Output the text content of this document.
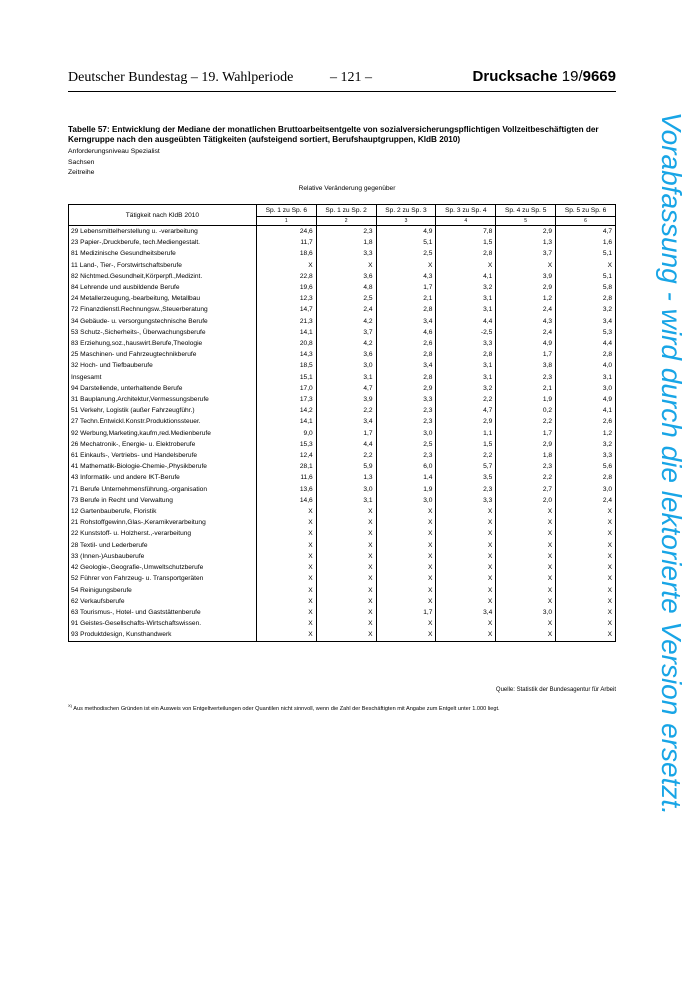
Deutscher Bundestag – 19. Wahlperiode	– 121 –	Drucksache 19/9669
Tabelle 57: Entwicklung der Mediane der monatlichen Bruttoarbeitsentgelte von sozialversicherungspflichtigen Vollzeitbeschäftigten der Kerngruppe nach den ausgeübten Tätigkeiten (aufsteigend sortiert, Berufshauptgruppen, KldB 2010)
Anforderungsniveau Spezialist
Sachsen
Zeitreihe
Relative Veränderung gegenüber
Tätigkeit nach KldB 2010	Sp. 1 zu Sp. 6	Sp. 1 zu Sp. 2	Sp. 2 zu Sp. 3	Sp. 3 zu Sp. 4	Sp. 4 zu Sp. 5	Sp. 5 zu Sp. 6
	1	2	3	4	5	6
29 Lebensmittelherstellung u. -verarbeitung	24,6	2,3	4,9	7,8	2,9	4,7
23 Papier-,Druckberufe, tech.Mediengestalt.	11,7	1,8	5,1	1,5	1,3	1,6
81 Medizinische Gesundheitsberufe	18,6	3,3	2,5	2,8	3,7	5,1
11 Land-, Tier-, Forstwirtschaftsberufe	X	X	X	X	X	X
82 Nichtmed.Gesundheit,Körperpfl.,Medizint.	22,8	3,6	4,3	4,1	3,9	5,1
84 Lehrende und ausbildende Berufe	19,6	4,8	1,7	3,2	2,9	5,8
24 Metallerzeugung,-bearbeitung, Metallbau	12,3	2,5	2,1	3,1	1,2	2,8
72 Finanzdienstl.Rechnungsw.,Steuerberatung	14,7	2,4	2,8	3,1	2,4	3,2
34 Gebäude- u. versorgungstechnische Berufe	21,3	4,2	3,4	4,4	4,3	3,4
53 Schutz-,Sicherheits-, Überwachungsberufe	14,1	3,7	4,6	-2,5	2,4	5,3
83 Erziehung,soz.,hauswirt.Berufe,Theologie	20,8	4,2	2,6	3,3	4,9	4,4
25 Maschinen- und Fahrzeugtechnikberufe	14,3	3,6	2,8	2,8	1,7	2,8
32 Hoch- und Tiefbauberufe	18,5	3,0	3,4	3,1	3,8	4,0
Insgesamt	15,1	3,1	2,8	3,1	2,3	3,1
94 Darstellende, unterhaltende Berufe	17,0	4,7	2,9	3,2	2,1	3,0
31 Bauplanung,Architektur,Vermessungsberufe	17,3	3,9	3,3	2,2	1,9	4,9
51 Verkehr, Logistik (außer Fahrzeugführ.)	14,2	2,2	2,3	4,7	0,2	4,1
27 Techn.Entwickl.Konstr.Produktionssteuer.	14,1	3,4	2,3	2,9	2,2	2,6
92 Werbung,Marketing,kaufm,red.Medienberufe	9,0	1,7	3,0	1,1	1,7	1,2
26 Mechatronik-, Energie- u. Elektroberufe	15,3	4,4	2,5	1,5	2,9	3,2
61 Einkaufs-, Vertriebs- und Handelsberufe	12,4	2,2	2,3	2,2	1,8	3,3
41 Mathematik-Biologie-Chemie-,Physikberufe	28,1	5,9	6,0	5,7	2,3	5,6
43 Informatik- und andere IKT-Berufe	11,6	1,3	1,4	3,5	2,2	2,8
71 Berufe Unternehmensführung,-organisation	13,6	3,0	1,9	2,3	2,7	3,0
73 Berufe in Recht und Verwaltung	14,6	3,1	3,0	3,3	2,0	2,4
12 Gartenbauberufe, Floristik	X	X	X	X	X	X
21 Rohstoffgewinn,Glas-,Keramikverarbeitung	X	X	X	X	X	X
22 Kunststoff- u. Holzherst.,-verarbeitung	X	X	X	X	X	X
28 Textil- und Lederberufe	X	X	X	X	X	X
33 (Innen-)Ausbauberufe	X	X	X	X	X	X
42 Geologie-,Geografie-,Umweltschutzberufe	X	X	X	X	X	X
52 Führer von Fahrzeug- u. Transportgeräten	X	X	X	X	X	X
54 Reinigungsberufe	X	X	X	X	X	X
62 Verkaufsberufe	X	X	X	X	X	X
63 Tourismus-, Hotel- und Gaststättenberufe	X	X	1,7	3,4	3,0	X
91 Geistes-Gesellschafts-Wirtschaftswissen.	X	X	X	X	X	X
93 Produktdesign, Kunsthandwerk	X	X	X	X	X	X
Quelle: Statistik der Bundesagentur für Arbeit
$^{X)}$ Aus methodischen Gründen ist ein Ausweis von Entgeltverteilungen oder Quantilen nicht sinnvoll, wenn die Zahl der Beschäftigten mit Angabe zum Entgelt unter 1.000 liegt.	Vorabfassung - wird durch die lektorierte Version ersetzt.
